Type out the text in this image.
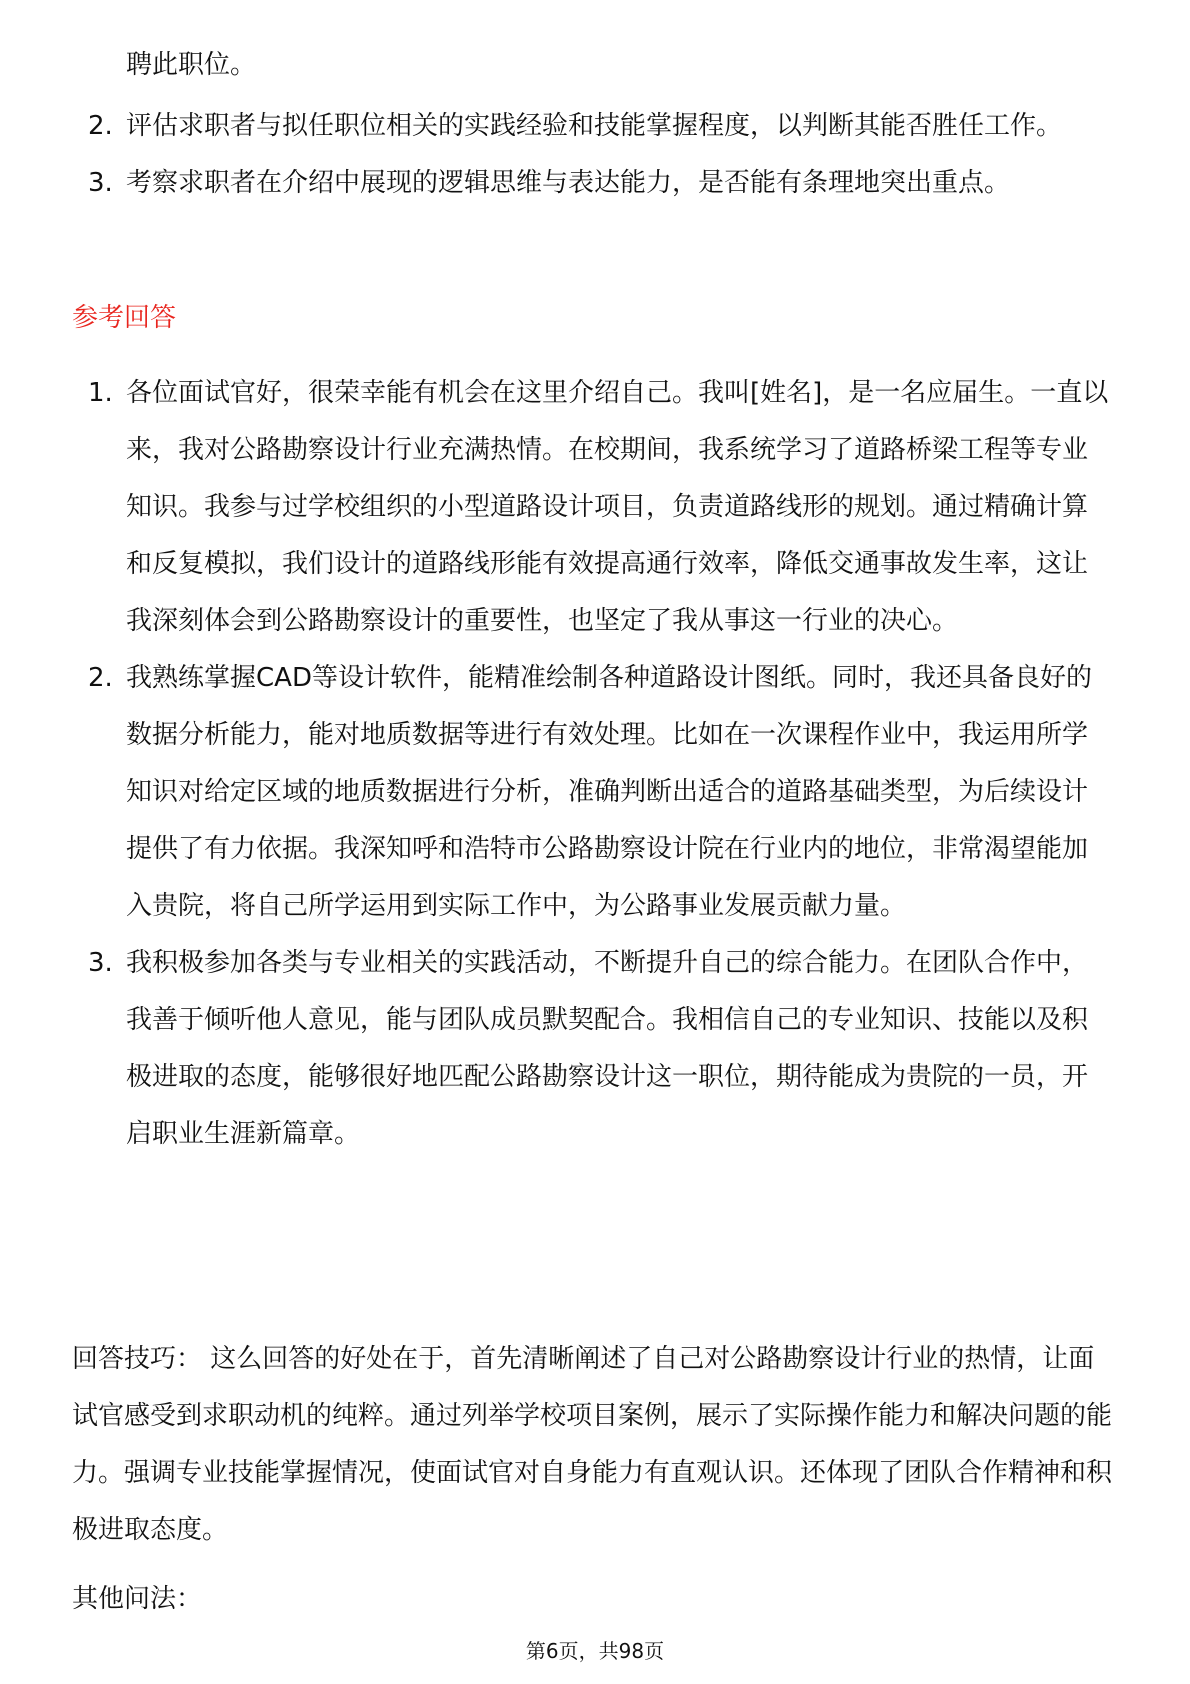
聘此职位。

2. 评估求职者与拟任职位相关的实践经验和技能掌握程度，以判断其能否胜任工作。
3. 考察求职者在介绍中展现的逻辑思维与表达能力，是否能有条理地突出重点。
参考回答
1. 各位面试官好，很荣幸能有机会在这里介绍自己。我叫[姓名]，是一名应届生。一直以来，我对公路勘察设计行业充满热情。在校期间，我系统学习了道路桥梁工程等专业知识。我参与过学校组织的小型道路设计项目，负责道路线形的规划。通过精确计算和反复模拟，我们设计的道路线形能有效提高通行效率，降低交通事故发生率，这让我深刻体会到公路勘察设计的重要性，也坚定了我从事这一行业的决心。
2. 我熟练掌握CAD等设计软件，能精准绘制各种道路设计图纸。同时，我还具备良好的数据分析能力，能对地质数据等进行有效处理。比如在一次课程作业中，我运用所学知识对给定区域的地质数据进行分析，准确判断出适合的道路基础类型，为后续设计提供了有力依据。我深知呼和浩特市公路勘察设计院在行业内的地位，非常渴望能加入贵院，将自己所学运用到实际工作中，为公路事业发展贡献力量。
3. 我积极参加各类与专业相关的实践活动，不断提升自己的综合能力。在团队合作中，我善于倾听他人意见，能与团队成员默契配合。我相信自己的专业知识、技能以及积极进取的态度，能够很好地匹配公路勘察设计这一职位，期待能成为贵院的一员，开启职业生涯新篇章。

回答技巧： 这么回答的好处在于，首先清晰阐述了自己对公路勘察设计行业的热情，让面试官感受到求职动机的纯粹。通过列举学校项目案例，展示了实际操作能力和解决问题的能力。强调专业技能掌握情况，使面试官对自身能力有直观认识。还体现了团队合作精神和积极进取态度。

其他问法：

第6页，共98页
